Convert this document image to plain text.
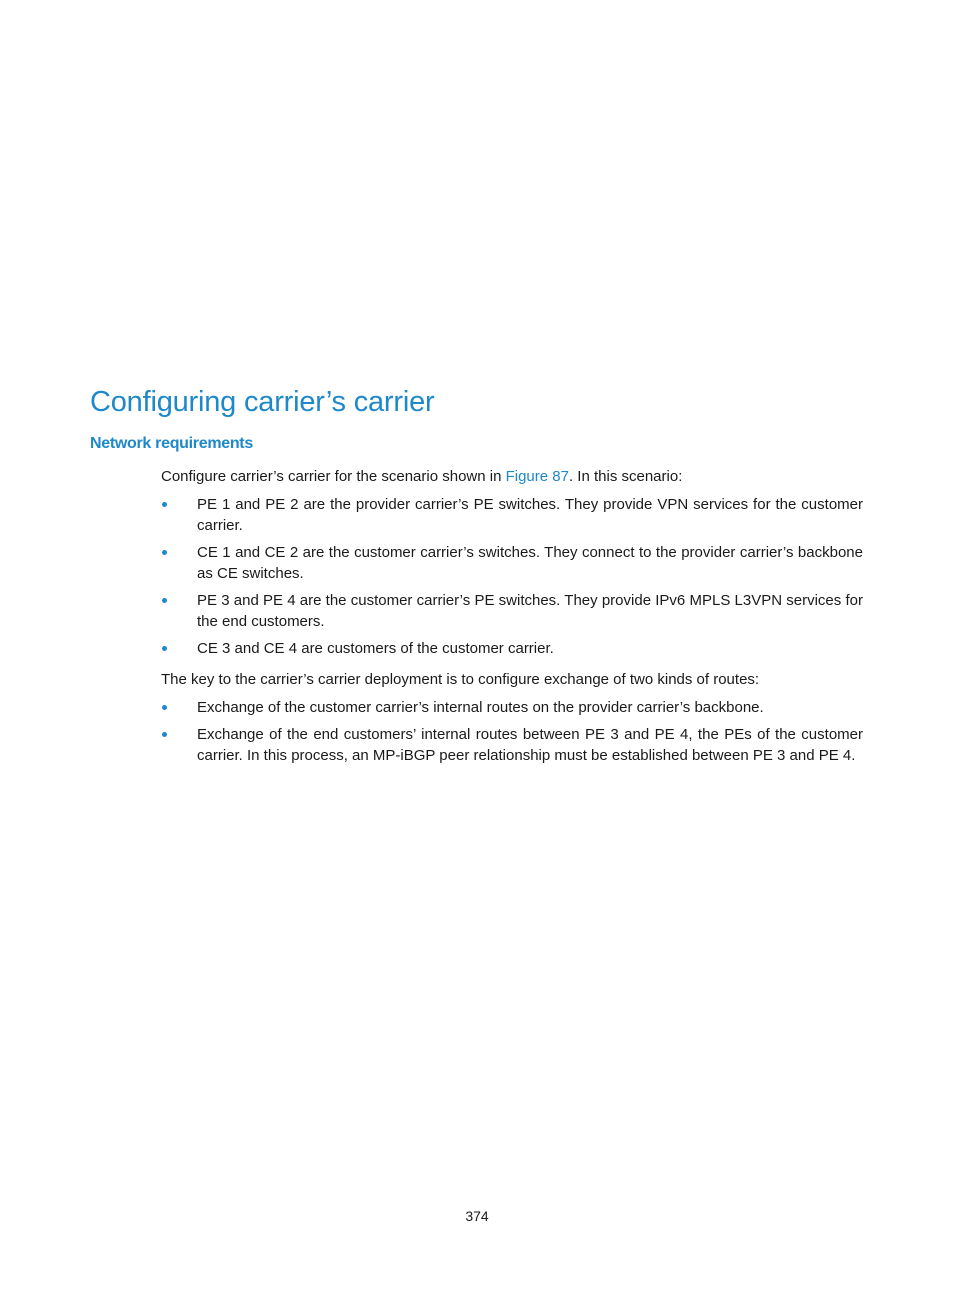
Configuring carrier’s carrier
Network requirements

Configure carrier’s carrier for the scenario shown in Figure 87. In this scenario:

PE 1 and PE 2 are the provider carrier’s PE switches. They provide VPN services for the customer carrier.
CE 1 and CE 2 are the customer carrier’s switches. They connect to the provider carrier’s backbone as CE switches.
PE 3 and PE 4 are the customer carrier’s PE switches. They provide IPv6 MPLS L3VPN services for the end customers.
CE 3 and CE 4 are customers of the customer carrier.

The key to the carrier’s carrier deployment is to configure exchange of two kinds of routes:

Exchange of the customer carrier’s internal routes on the provider carrier’s backbone.
Exchange of the end customers’ internal routes between PE 3 and PE 4, the PEs of the customer carrier. In this process, an MP-iBGP peer relationship must be established between PE 3 and PE 4.
374
